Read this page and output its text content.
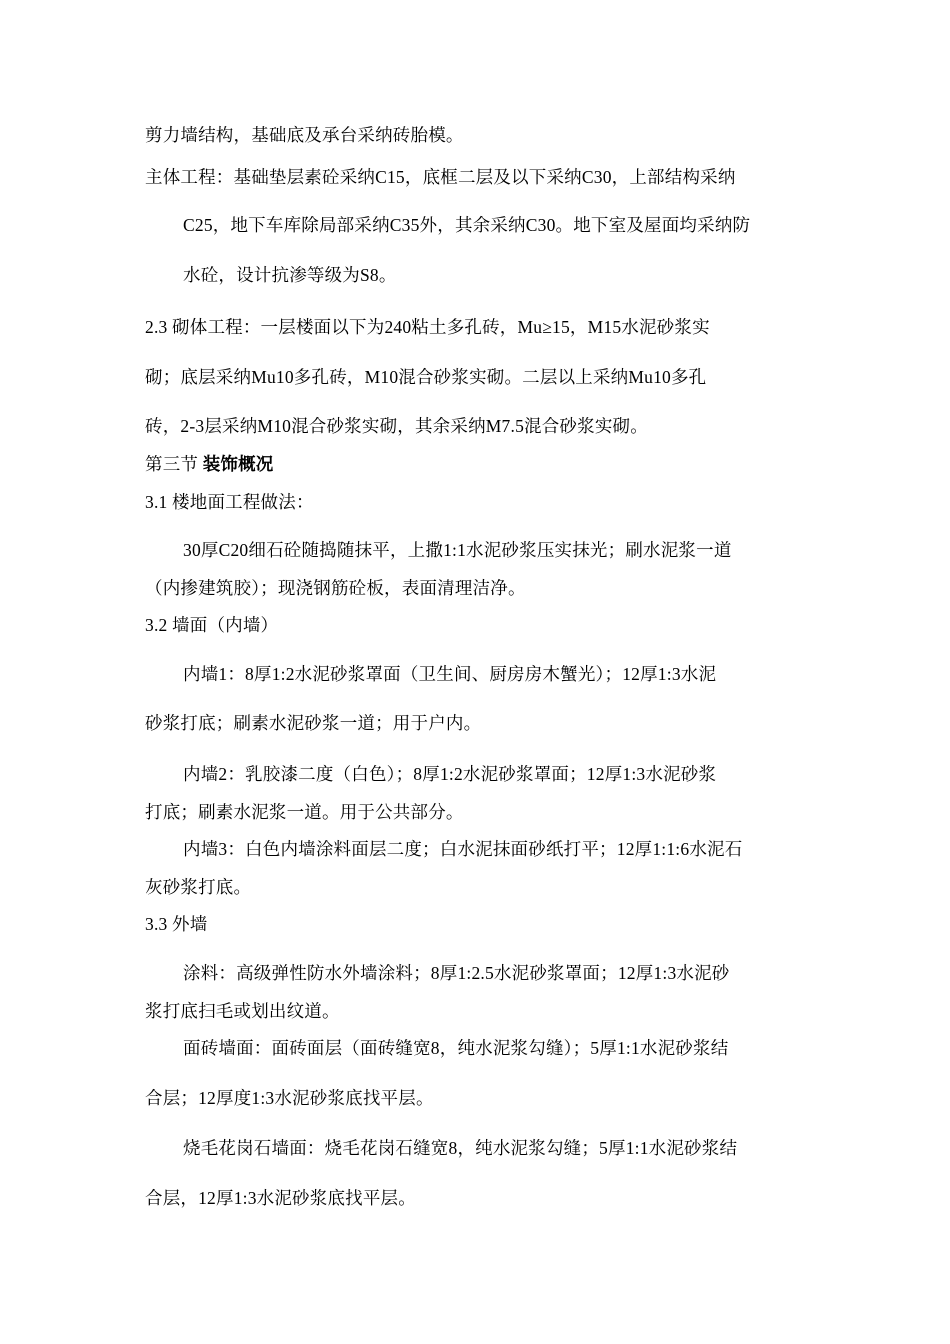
剪力墙结构，基础底及承台采纳砖胎模。
主体工程：基础垫层素砼采纳C15，底框二层及以下采纳C30，上部结构采纳
C25，地下车库除局部采纳C35外，其余采纳C30。地下室及屋面均采纳防
水砼，设计抗渗等级为S8。
2.3 砌体工程：一层楼面以下为240粘土多孔砖，Mu≥15，M15水泥砂浆实
砌；底层采纳Mu10多孔砖，M10混合砂浆实砌。二层以上采纳Mu10多孔
砖，2-3层采纳M10混合砂浆实砌，其余采纳M7.5混合砂浆实砌。
第三节 装饰概况
3.1 楼地面工程做法：
30厚C20细石砼随捣随抹平，上撒1:1水泥砂浆压实抹光；刷水泥浆一道
（内掺建筑胶）；现浇钢筋砼板，表面清理洁净。
3.2 墙面（内墙）
内墙1：8厚1:2水泥砂浆罩面（卫生间、厨房房木蟹光）；12厚1:3水泥
砂浆打底；刷素水泥砂浆一道；用于户内。
内墙2：乳胶漆二度（白色）；8厚1:2水泥砂浆罩面；12厚1:3水泥砂浆
打底；刷素水泥浆一道。用于公共部分。
内墙3：白色内墙涂料面层二度；白水泥抹面砂纸打平；12厚1:1:6水泥石
灰砂浆打底。
3.3 外墙
涂料：高级弹性防水外墙涂料；8厚1:2.5水泥砂浆罩面；12厚1:3水泥砂
浆打底扫毛或划出纹道。
面砖墙面：面砖面层（面砖缝宽8，纯水泥浆勾缝）；5厚1:1水泥砂浆结
合层；12厚度1:3水泥砂浆底找平层。
烧毛花岗石墙面：烧毛花岗石缝宽8，纯水泥浆勾缝；5厚1:1水泥砂浆结
合层，12厚1:3水泥砂浆底找平层。
